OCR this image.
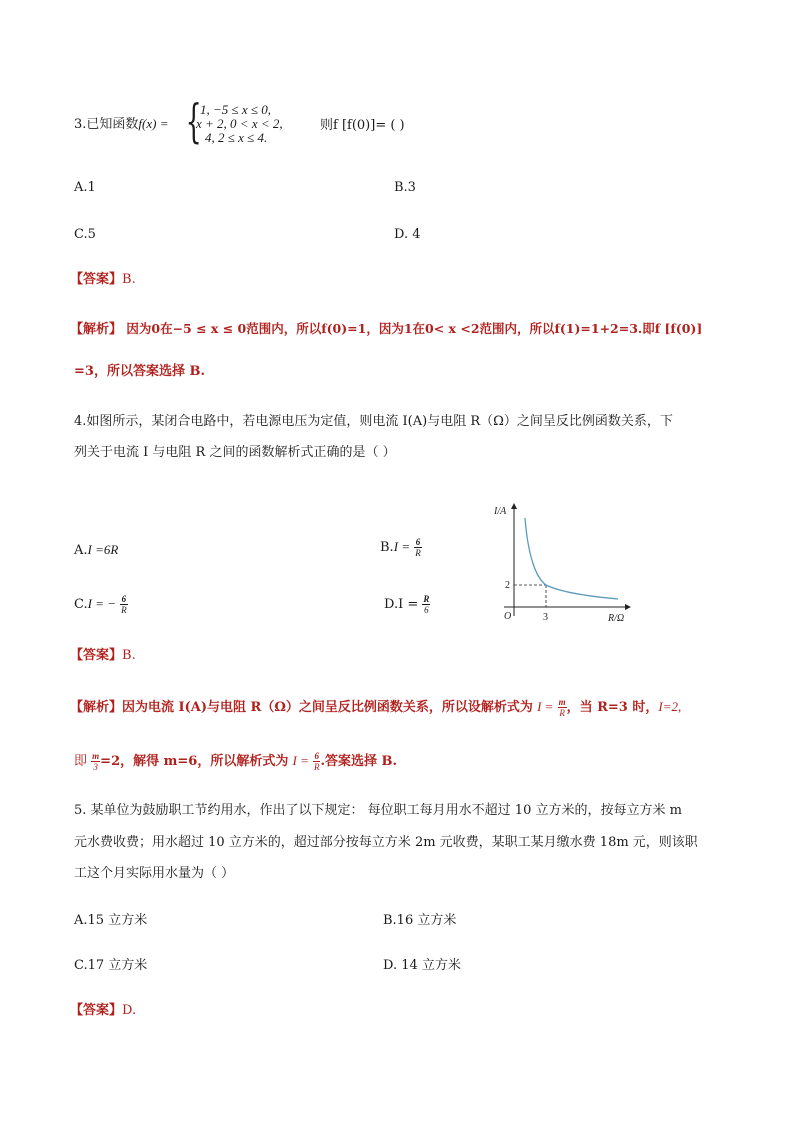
3.已知函数f(x) = {
1, −5 ≤ x ≤ 0,
x + 2, 0 < x < 2,
4, 2 ≤ x ≤ 4.
则f [f(0)]= ( )
A.1	B.3
C.5	D. 4
【答案】B.
【解析】 因为0在−5 ≤ x ≤ 0范围内，所以f(0)=1，因为1在0< x <2范围内，所以f(1)=1+2=3.即f [f(0)]
=3，所以答案选择 B.
4.如图所示，某闭合电路中，若电源电压为定值，则电流 I(A)与电阻 R（Ω）之间呈反比例函数关系，下
列关于电流 I 与电阻 R 之间的函数解析式正确的是（ ）
A.I =6R	$B.I = \frac{6}{R}$
C.I = − $\frac{6}{R}$	$D.I = \frac{R}{6}$
I/A
R/Ω
O
2
3
【答案】B.
【解析】因为电流 I(A)与电阻 R（Ω）之间呈反比例函数关系，所以设解析式为 $I = \frac{m}{R}$ ，当 R=3 时，I=2,
即 $\frac{m}{3} =2$，解得 m=6，所以解析式为 $I = \frac{6}{R}$ .答案选择 B.
5. 某单位为鼓励职工节约用水，作出了以下规定： 每位职工每月用水不超过 10 立方米的，按每立方米 m
元水费收费；用水超过 10 立方米的，超过部分按每立方米 2m 元收费，某职工某月缴水费 18m 元，则该职
工这个月实际用水量为（ ）
A.15 立方米	B.16 立方米
C.17 立方米	D. 14 立方米
【答案】D.
